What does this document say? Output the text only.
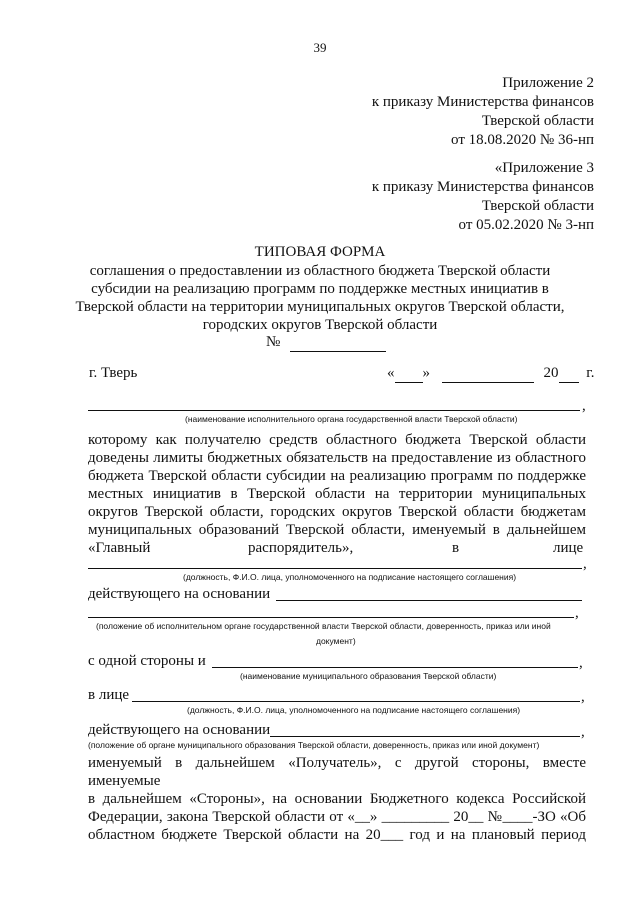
39
Приложение 2
к приказу Министерства финансов
Тверской области
от 18.08.2020 № 36-нп
«Приложение 3
к приказу Министерства финансов
Тверской области
от 05.02.2020 № 3-нп
ТИПОВАЯ ФОРМА
соглашения о предоставлении из областного бюджета Тверской области
субсидии на реализацию программ по поддержке местных инициатив в
Тверской области на территории муниципальных округов Тверской области,
городских округов Тверской области
№
г. Тверь	« »	20 г.
,
(наименование исполнительного органа государственной власти Тверской области)
которому как получателю средств областного бюджета Тверской области
доведены лимиты бюджетных обязательств на предоставление из областного
бюджета Тверской области субсидии на реализацию программ по поддержке
местных инициатив в Тверской области на территории муниципальных
округов Тверской области, городских округов Тверской области бюджетам
муниципальных образований Тверской области, именуемый в дальнейшем
«Главный	распорядитель»,	в	лице
,
(должность, Ф.И.О. лица, уполномоченного на подписание настоящего соглашения)
действующего на основании
,
(положение об исполнительном органе государственной власти Тверской области, доверенность, приказ или иной
документ)
с одной стороны и	,
(наименование муниципального образования Тверской области)
в лице	,
(должность, Ф.И.О. лица, уполномоченного на подписание настоящего соглашения)
действующего на основании	,
(положение об органе муниципального образования Тверской области, доверенность, приказ или иной документ)
именуемый в дальнейшем «Получатель», с другой стороны, вместе именуемые
в дальнейшем «Стороны», на основании Бюджетного кодекса Российской
Федерации, закона Тверской области от «__» _________ 20__ №____-ЗО «Об
областном бюджете Тверской области на 20___ год и на плановый период
